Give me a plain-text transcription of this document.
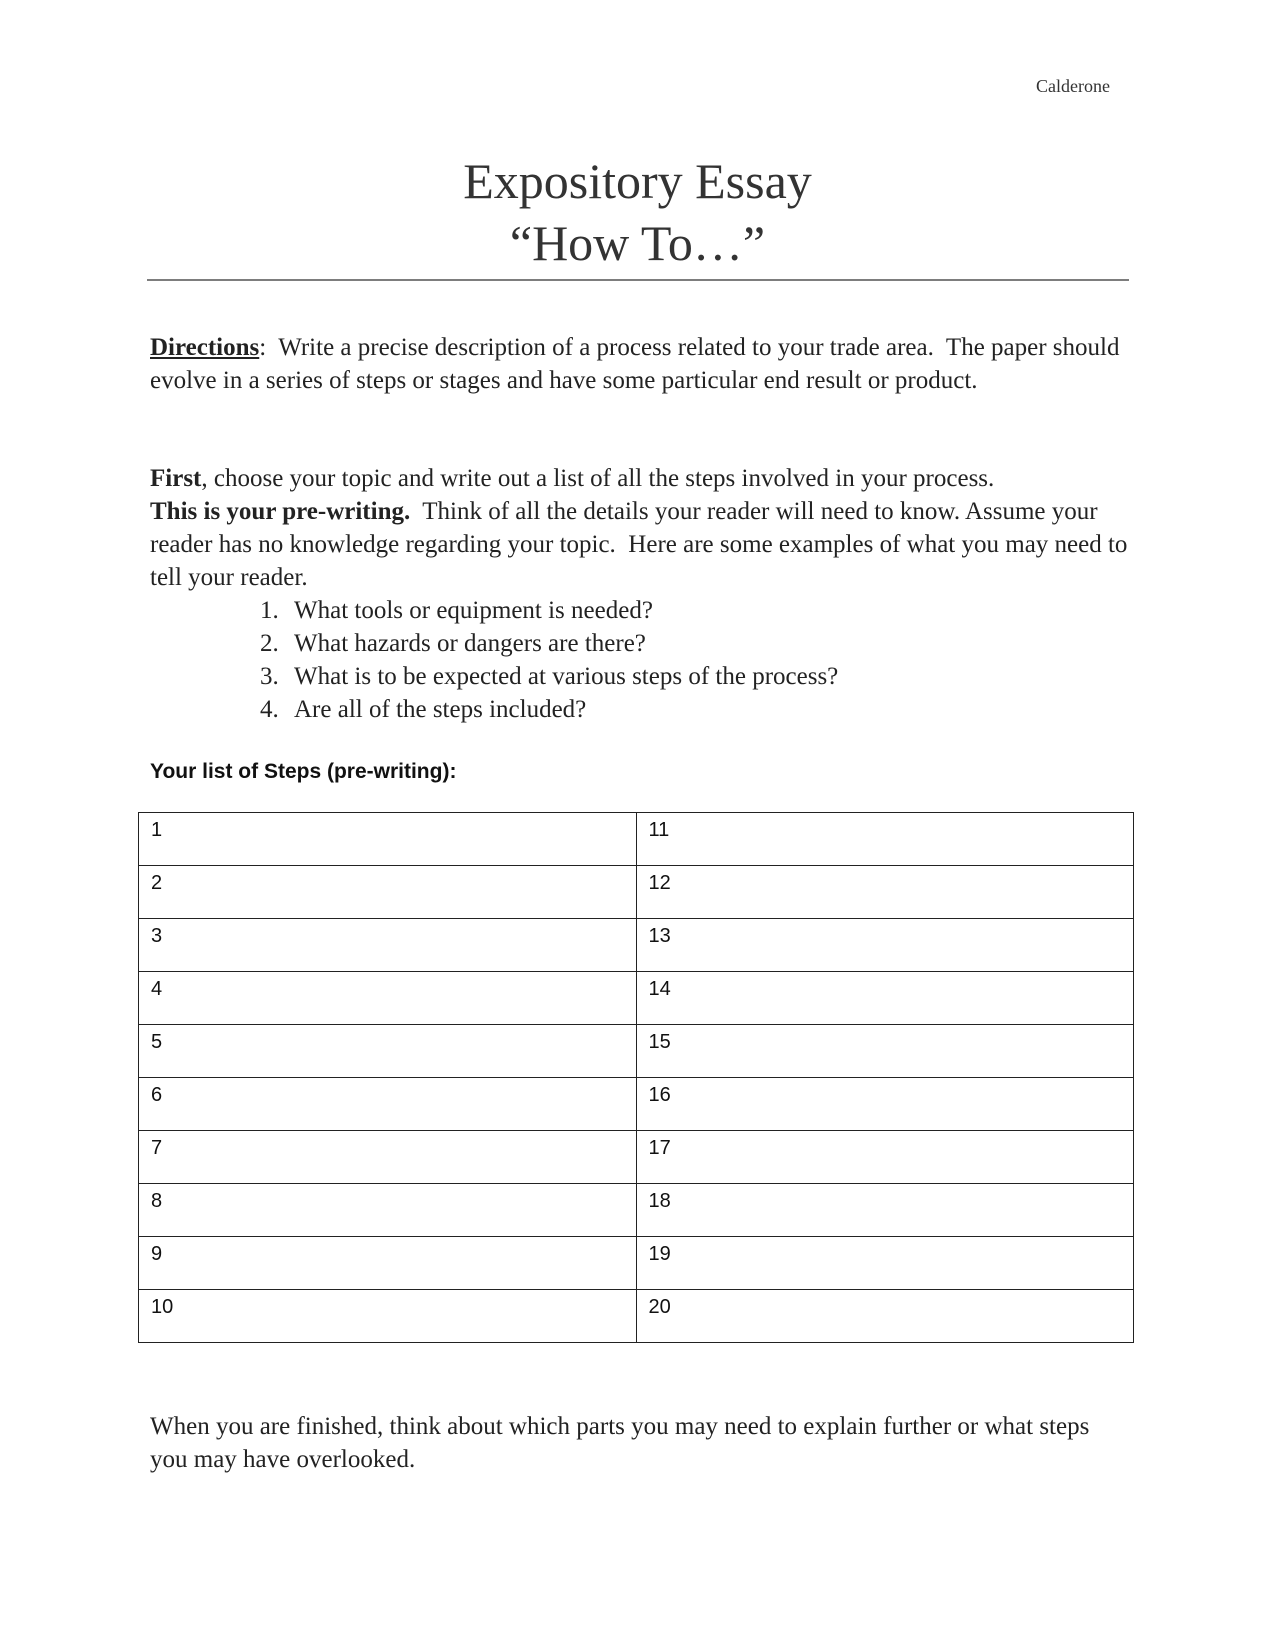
Calderone
Expository Essay
“How To…”
Directions:  Write a precise description of a process related to your trade area.  The paper should evolve in a series of steps or stages and have some particular end result or product.
First, choose your topic and write out a list of all the steps involved in your process.
This is your pre-writing.  Think of all the details your reader will need to know. Assume your reader has no knowledge regarding your topic.  Here are some examples of what you may need to tell your reader.
1. What tools or equipment is needed?
2. What hazards or dangers are there?
3. What is to be expected at various steps of the process?
4. Are all of the steps included?
Your list of Steps (pre-writing):
1	11
2	12
3	13
4	14
5	15
6	16
7	17
8	18
9	19
10	20
When you are finished, think about which parts you may need to explain further or what steps you may have overlooked.
